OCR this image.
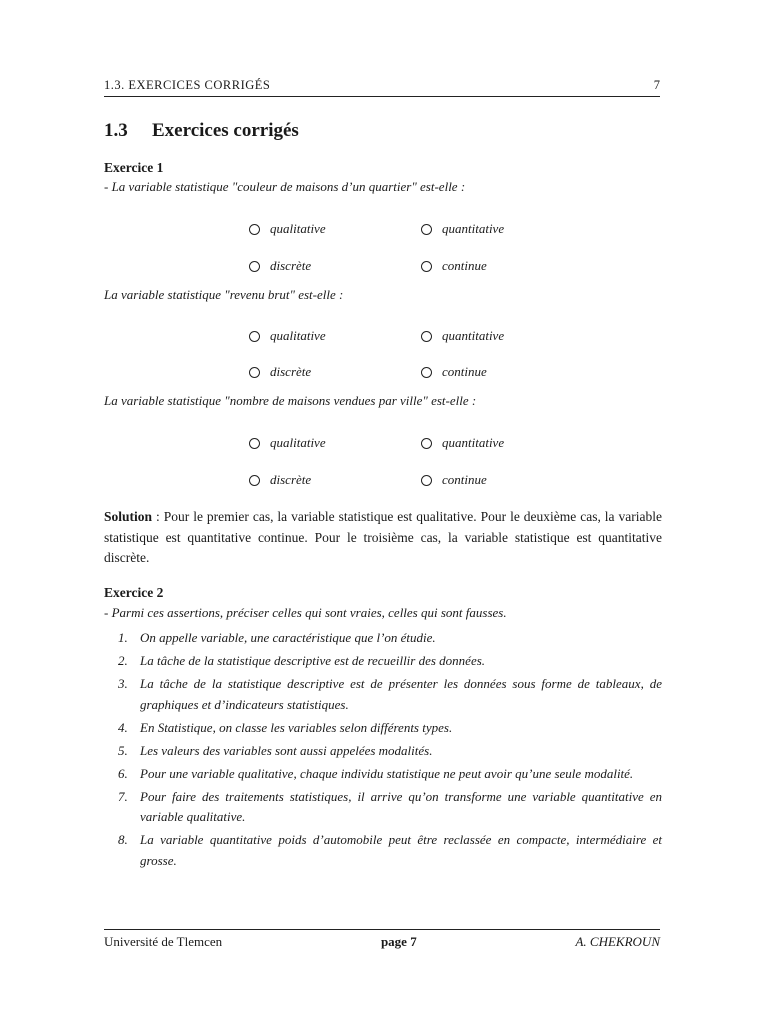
1.3. EXERCICES CORRIGÉS	7
1.3 Exercices corrigés
Exercice 1
- La variable statistique "couleur de maisons d’un quartier" est-elle :
qualitative	quantitative
discrète	continue
La variable statistique "revenu brut" est-elle :
qualitative	quantitative
discrète	continue
La variable statistique "nombre de maisons vendues par ville" est-elle :
qualitative	quantitative
discrète	continue
Solution : Pour le premier cas, la variable statistique est qualitative. Pour le deuxième cas, la variable statistique est quantitative continue. Pour le troisième cas, la variable statistique est quantitative discrète.
Exercice 2
- Parmi ces assertions, préciser celles qui sont vraies, celles qui sont fausses.
1. On appelle variable, une caractéristique que l’on étudie.
2. La tâche de la statistique descriptive est de recueillir des données.
3. La tâche de la statistique descriptive est de présenter les données sous forme de tableaux, de graphiques et d’indicateurs statistiques.
4. En Statistique, on classe les variables selon différents types.
5. Les valeurs des variables sont aussi appelées modalités.
6. Pour une variable qualitative, chaque individu statistique ne peut avoir qu’une seule modalité.
7. Pour faire des traitements statistiques, il arrive qu’on transforme une variable quantitative en variable qualitative.
8. La variable quantitative poids d’automobile peut être reclassée en compacte, intermédiaire et grosse.
Université de Tlemcen	page 7	A. CHEKROUN
